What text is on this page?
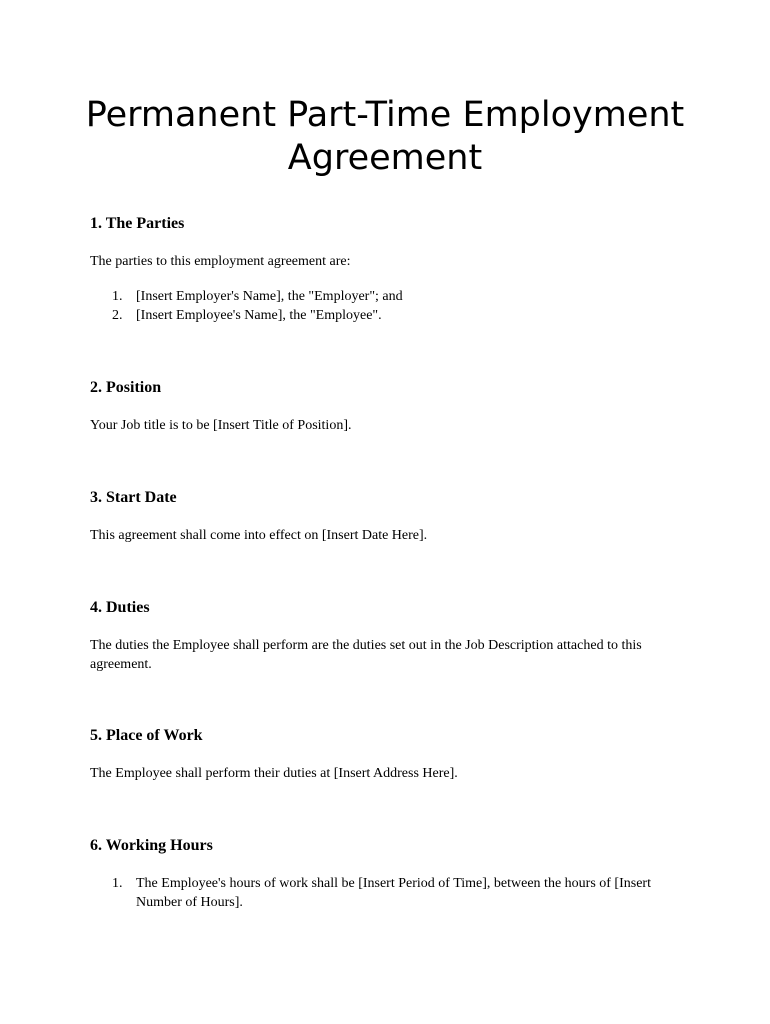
Permanent Part-Time Employment Agreement
1. The Parties

The parties to this employment agreement are:

1. [Insert Employer's Name], the "Employer"; and
2. [Insert Employee's Name], the "Employee".
2. Position

Your Job title is to be [Insert Title of Position].

3. Start Date

This agreement shall come into effect on [Insert Date Here].

4. Duties

The duties the Employee shall perform are the duties set out in the Job Description attached to this agreement.

5. Place of Work

The Employee shall perform their duties at [Insert Address Here].

6. Working Hours
1. The Employee's hours of work shall be [Insert Period of Time], between the hours of [Insert Number of Hours].
